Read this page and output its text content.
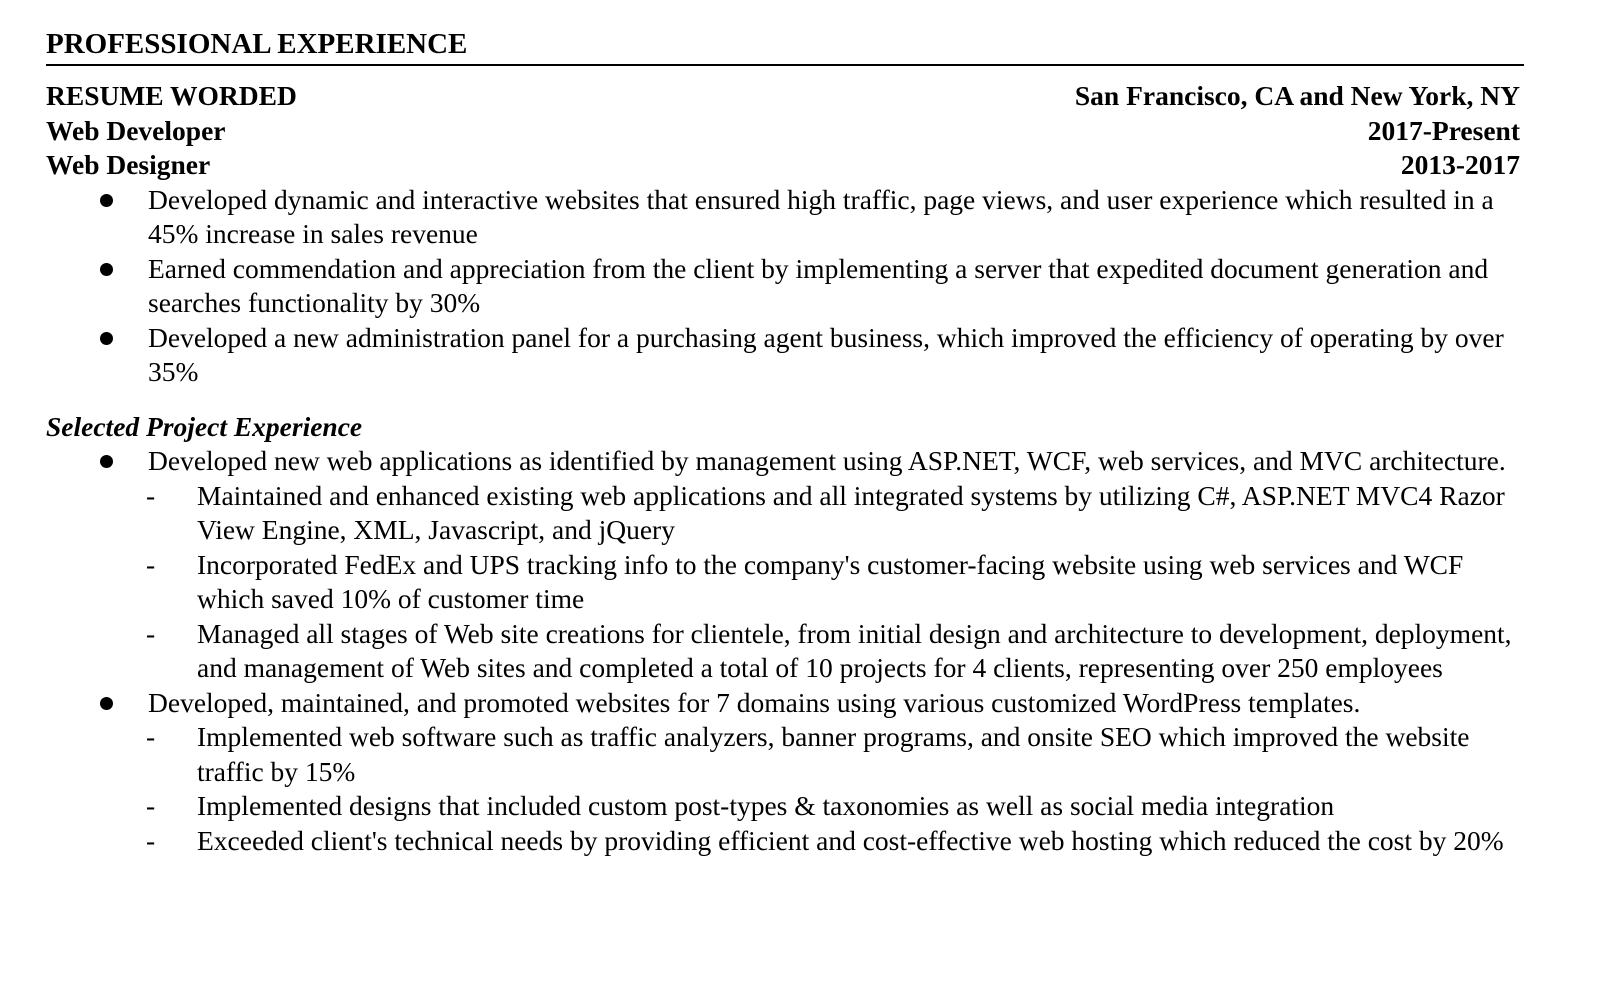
PROFESSIONAL EXPERIENCE
RESUME WORDED	San Francisco, CA and New York, NY
Web Developer	2017-Present
Web Designer	2013-2017
Developed dynamic and interactive websites that ensured high traffic, page views, and user experience which resulted in a 45% increase in sales revenue
Earned commendation and appreciation from the client by implementing a server that expedited document generation and searches functionality by 30%
Developed a new administration panel for a purchasing agent business, which improved the efficiency of operating by over 35%
Selected Project Experience
Developed new web applications as identified by management using ASP.NET, WCF, web services, and MVC architecture.
- Maintained and enhanced existing web applications and all integrated systems by utilizing C#, ASP.NET MVC4 Razor View Engine, XML, Javascript, and jQuery
- Incorporated FedEx and UPS tracking info to the company's customer-facing website using web services and WCF which saved 10% of customer time
- Managed all stages of Web site creations for clientele, from initial design and architecture to development, deployment, and management of Web sites and completed a total of 10 projects for 4 clients, representing over 250 employees
Developed, maintained, and promoted websites for 7 domains using various customized WordPress templates.
- Implemented web software such as traffic analyzers, banner programs, and onsite SEO which improved the website traffic by 15%
- Implemented designs that included custom post-types & taxonomies as well as social media integration
- Exceeded client's technical needs by providing efficient and cost-effective web hosting which reduced the cost by 20%
